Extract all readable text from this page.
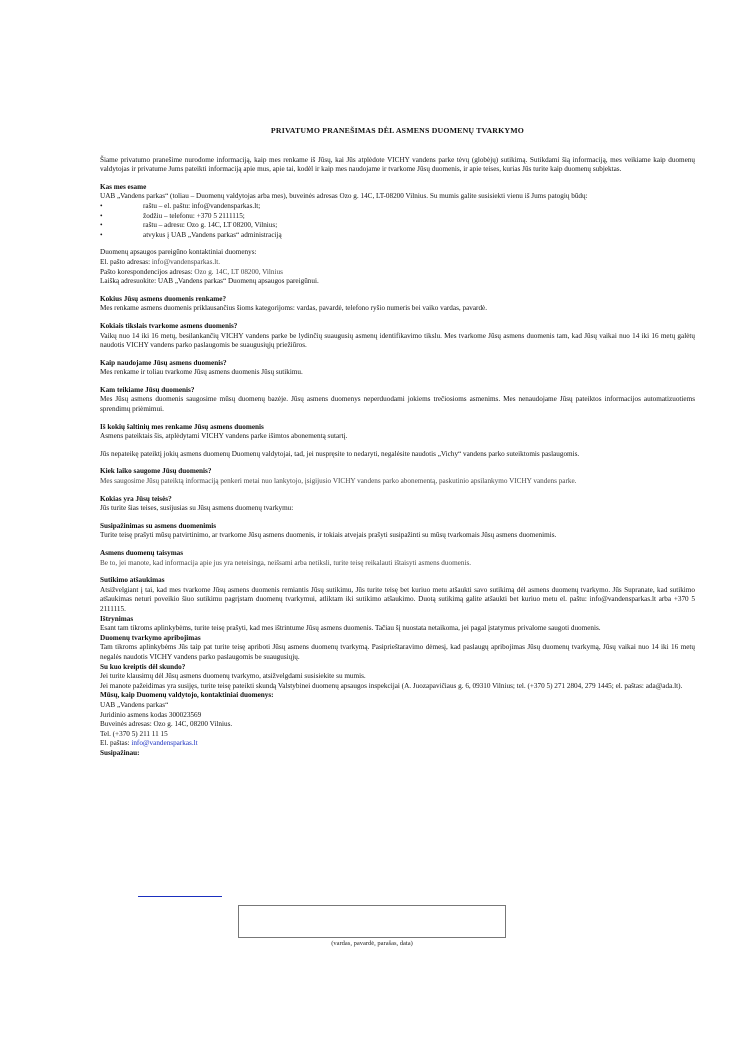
PRIVATUMO PRANEŠIMAS DĖL ASMENS DUOMENŲ TVARKYMO

Šiame privatumo pranešime nurodome informaciją, kaip mes renkame iš Jūsų, kai Jūs atplėdote VICHY vandens parke tėvų (globėjų) sutikimą. Sutikdami šią informaciją, mes veikiame kaip duomenų valdytojas ir privatume Jums pateikti informaciją apie mus, apie tai, kodėl ir kaip mes naudojame ir tvarkome Jūsų duomenis, ir apie teises, kurias Jūs turite kaip duomenų subjektas.

Kas mes esame

UAB „Vandens parkas“ (toliau – Duomenų valdytojas arba mes), buveinės adresas Ozo g. 14C, LT-08200 Vilnius. Su mumis galite susisiekti vienu iš Jums patogių būdų:

•	raštu – el. paštu: info@vandensparkas.lt;
•	žodžiu – telefonu: +370 5 2111115;
•	raštu – adresu: Ozo g. 14C, LT 08200, Vilnius;
•	atvykus į UAB „Vandens parkas“ administraciją

Duomenų apsaugos pareigūno kontaktiniai duomenys:

El. pašto adresas: info@vandensparkas.lt.

Pašto korespondencijos adresas: Ozo g. 14C, LT 08200, Vilnius

Laišką adresuokite: UAB „Vandens parkas“ Duomenų apsaugos pareigūnui.

Kokius Jūsų asmens duomenis renkame?

Mes renkame asmens duomenis priklausančius šioms kategorijoms: vardas, pavardė, telefono ryšio numeris bei vaiko vardas, pavardė.

Kokiais tikslais tvarkome asmens duomenis?

Vaikų nuo 14 iki 16 metų, besilankančių VICHY vandens parke be lydinčių suaugusių asmenų identifikavimo tikslu. Mes tvarkome Jūsų asmens duomenis tam, kad Jūsų vaikai nuo 14 iki 16 metų galėtų naudotis VICHY vandens parko paslaugomis be suaugusiųjų priežiūros.

Kaip naudojame Jūsų asmens duomenis?

Mes renkame ir toliau tvarkome Jūsų asmens duomenis Jūsų sutikimu.

Kam teikiame Jūsų duomenis?

Mes Jūsų asmens duomenis saugosime mūsų duomenų bazėje. Jūsų asmens duomenys neperduodami jokiems trečiosioms asmenims. Mes nenaudojame Jūsų pateiktos informacijos automatizuotiems sprendimų priėmimui.

Iš kokių šaltinių mes renkame Jūsų asmens duomenis

Asmens pateiktais šis, atplėdytami VICHY vandens parke išimtos abonementą sutartį.

Jūs nepateikę pateiktį jokių asmens duomenų Duomenų valdytojai, tad, jei nuspręsite to nedaryti, negalėsite naudotis „Vichy“ vandens parko suteiktomis paslaugomis.

Kiek laiko saugome Jūsų duomenis?

Mes saugosime Jūsų pateiktą informaciją penkeri metai nuo lankytojo, įsigijusio VICHY vandens parko abonementą, paskutinio apsilankymo VICHY vandens parke.

Kokias yra Jūsų teisės?

Jūs turite šias teises, susijusias su Jūsų asmens duomenų tvarkymu:

Susipažinimas su asmens duomenimis

Turite teisę prašyti mūsų patvirtinimo, ar tvarkome Jūsų asmens duomenis, ir tokiais atvejais prašyti susipažinti su mūsų tvarkomais Jūsų asmens duomenimis.

Asmens duomenų taisymas

Be to, jei manote, kad informacija apie jus yra neteisinga, neišsami arba netiksli, turite teisę reikalauti ištaisyti asmens duomenis.

Sutikimo atšaukimas

Atsižvelgiant į tai, kad mes tvarkome Jūsų asmens duomenis remiantis Jūsų sutikimu, Jūs turite teisę bet kuriuo metu atšaukti savo sutikimą dėl asmens duomenų tvarkymo. Jūs Supranate, kad sutikimo atšaukimas neturi poveikio šiuo sutikimu pagrįstam duomenų tvarkymui, atliktam iki sutikimo atšaukimo. Duotą sutikimą galite atšaukti bet kuriuo metu el. paštu: info@vandensparkas.lt arba +370 5 2111115.

Ištrynimas

Esant tam tikroms aplinkybėms, turite teisę prašyti, kad mes ištrintume Jūsų asmens duomenis. Tačiau šį nuostata netaikoma, jei pagal įstatymus privalome saugoti duomenis.

Duomenų tvarkymo apribojimas

Tam tikroms aplinkybėms Jūs taip pat turite teisę apriboti Jūsų asmens duomenų tvarkymą. Pasiprieštaravimo dėmesį, kad paslaugų apribojimas Jūsų duomenų tvarkymą, Jūsų vaikai nuo 14 iki 16 metų negalės naudotis VICHY vandens parko paslaugomis be suaugusiųjų.

Su kuo kreiptis dėl skundo?

Jei turite klausimų dėl Jūsų asmens duomenų tvarkymo, atsižvelgdami susisiekite su mumis.

Jei manote pažeidimas yra susijęs, turite teisę pateikti skundą Valstybinei duomenų apsaugos inspekcijai (A. Juozapavičiaus g. 6, 09310 Vilnius; tel. (+370 5) 271 2804, 279 1445; el. paštas: ada@ada.lt).

Mūsų, kaip Duomenų valdytojo, kontaktiniai duomenys:

UAB „Vandens parkas“

Juridinio asmens kodas 300023569

Buveinės adresas: Ozo g. 14C, 08200 Vilnius.

Tel. (+370 5) 211 11 15

El. paštas: info@vandensparkas.lt

Susipažinau:

(vardas, pavardė, parašas, data)
